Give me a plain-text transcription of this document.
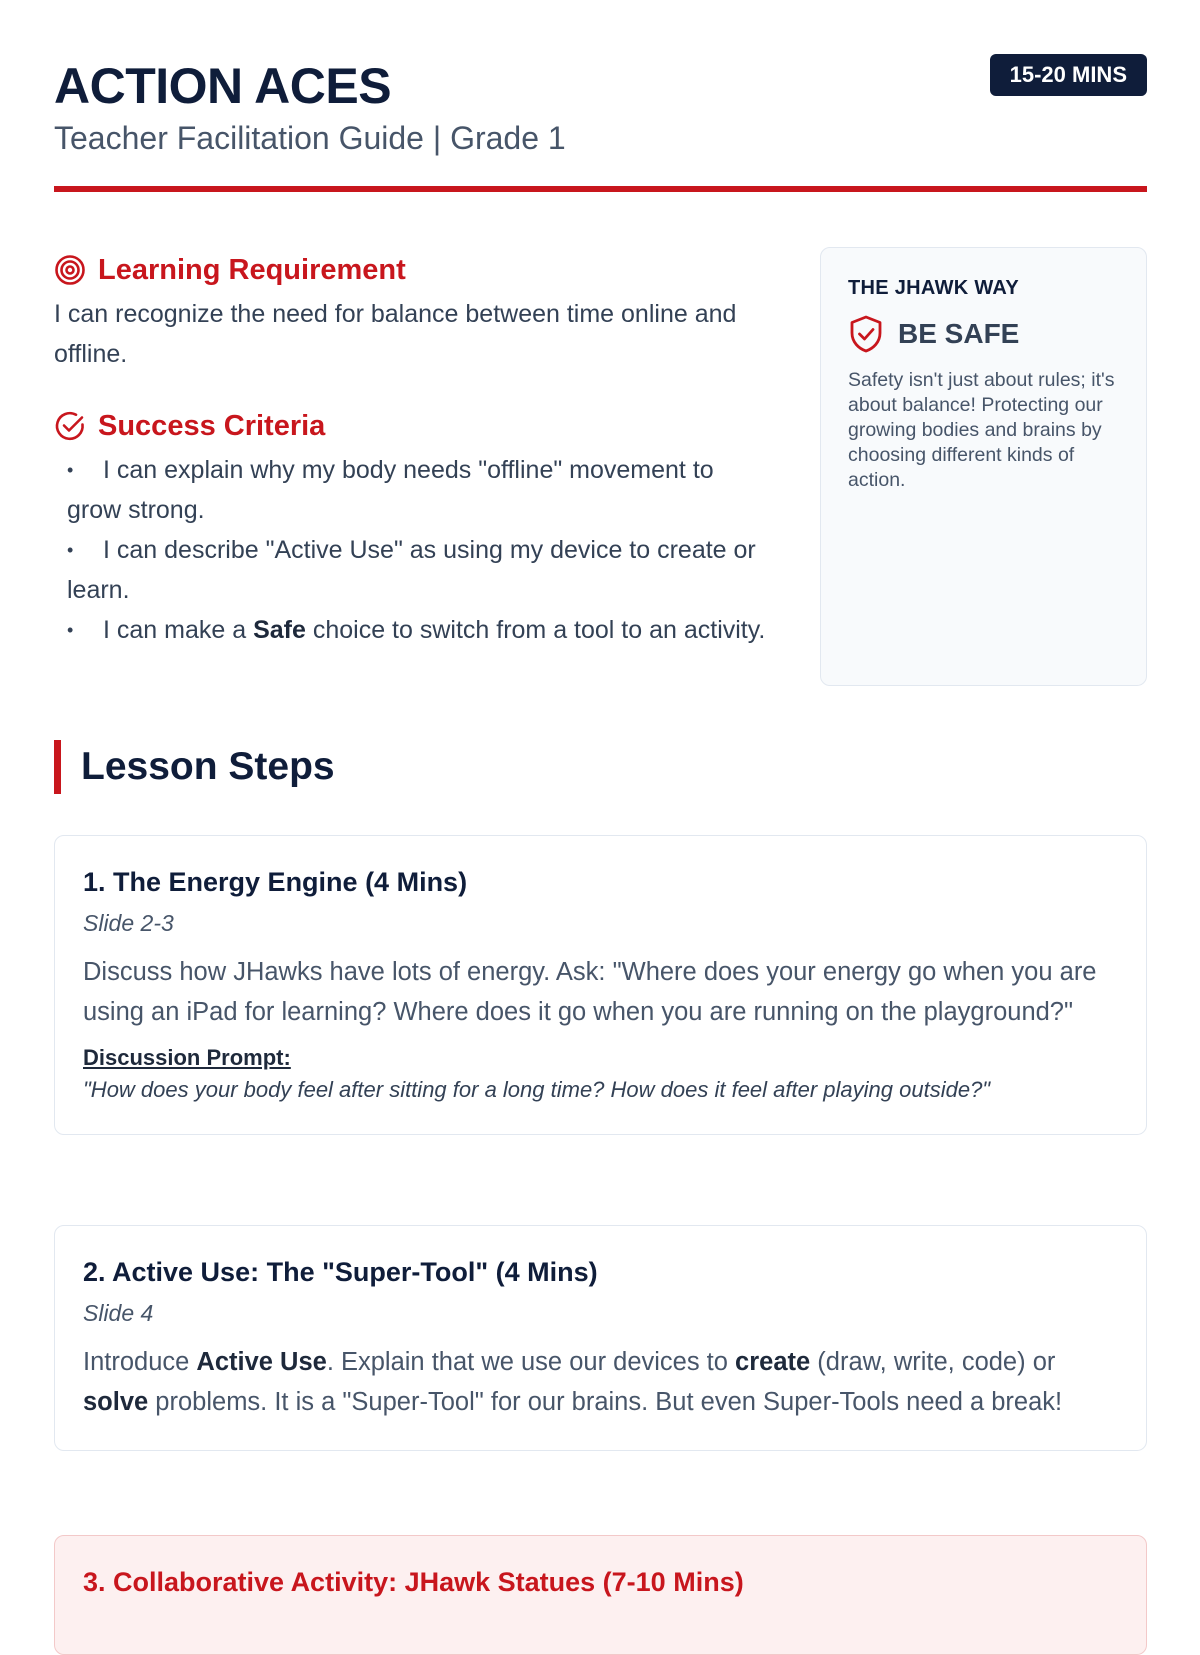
ACTION ACES
Teacher Facilitation Guide | Grade 1
15-20 MINS
Learning Requirement

I can recognize the need for balance between time online and offline.

Success Criteria
• I can explain why my body needs "offline" movement to grow strong.
• I can describe "Active Use" as using my device to create or learn.
• I can make a Safe choice to switch from a tool to an activity.
THE JHAWK WAY
BE SAFE
Safety isn't just about rules; it's about balance! Protecting our growing bodies and brains by choosing different kinds of action.
Lesson Steps
1. The Energy Engine (4 Mins)
Slide 2-3
Discuss how JHawks have lots of energy. Ask: "Where does your energy go when you are using an iPad for learning? Where does it go when you are running on the playground?"
Discussion Prompt:
"How does your body feel after sitting for a long time? How does it feel after playing outside?"
2. Active Use: The "Super-Tool" (4 Mins)
Slide 4
Introduce Active Use. Explain that we use our devices to create (draw, write, code) or solve problems. It is a "Super-Tool" for our brains. But even Super-Tools need a break!
3. Collaborative Activity: JHawk Statues (7-10 Mins)
